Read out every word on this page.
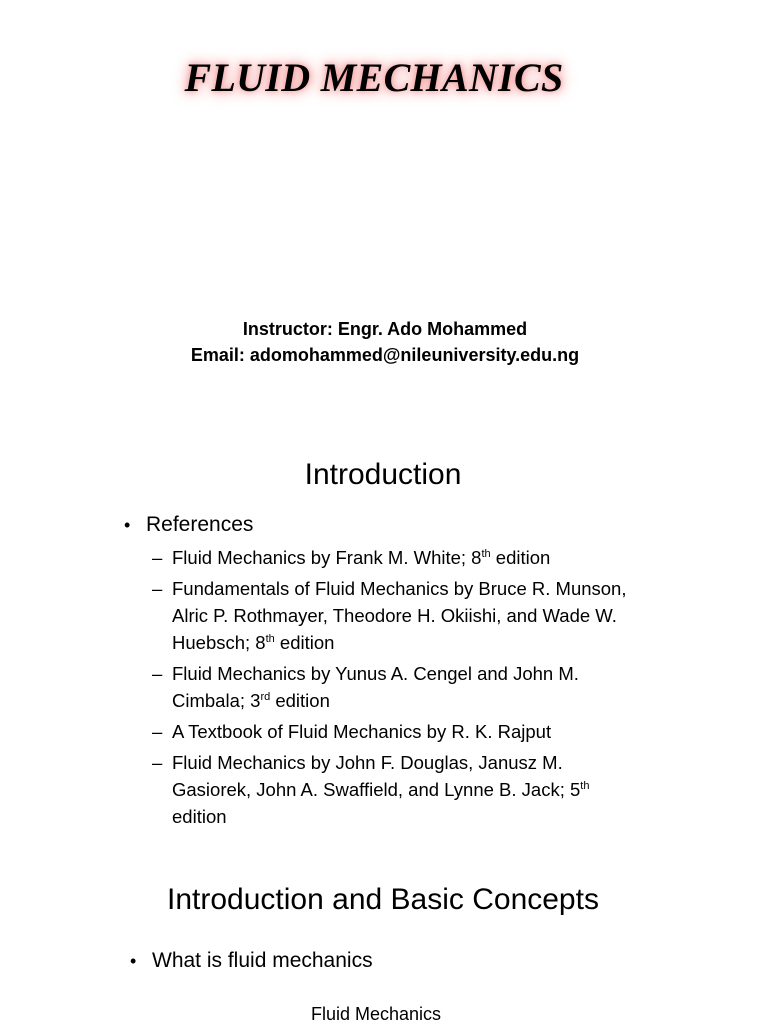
FLUID MECHANICS
Instructor: Engr. Ado Mohammed
Email: adomohammed@nileuniversity.edu.ng
Introduction
• References
– Fluid Mechanics by Frank M. White; 8th edition
– Fundamentals of Fluid Mechanics by Bruce R. Munson, Alric P. Rothmayer, Theodore H. Okiishi, and Wade W. Huebsch; 8th edition
– Fluid Mechanics by Yunus A. Cengel and John M. Cimbala; 3rd edition
– A Textbook of Fluid Mechanics by R. K. Rajput
– Fluid Mechanics by John F. Douglas, Janusz M. Gasiorek, John A. Swaffield, and Lynne B. Jack; 5th edition
Introduction and Basic Concepts
• What is fluid mechanics
Fluid Mechanics
